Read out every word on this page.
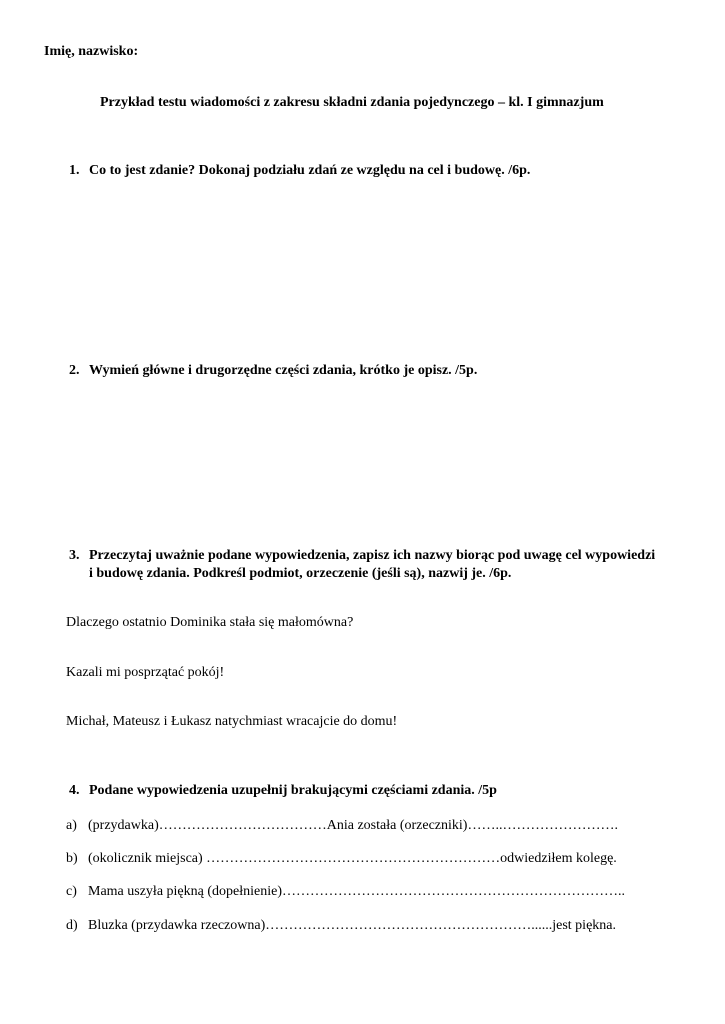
Imię, nazwisko:
Przykład testu wiadomości z zakresu składni zdania pojedynczego – kl. I gimnazjum
1. Co to jest zdanie? Dokonaj podziału zdań ze względu na cel i budowę. /6p.
2. Wymień główne i drugorzędne części zdania, krótko je opisz. /5p.
3. Przeczytaj uważnie podane wypowiedzenia, zapisz ich nazwy biorąc pod uwagę cel wypowiedzi
i budowę zdania. Podkreśl podmiot, orzeczenie (jeśli są), nazwij je. /6p.
Dlaczego ostatnio Dominika stała się małomówna?
Kazali mi posprzątać pokój!
Michał, Mateusz i Łukasz natychmiast wracajcie do domu!
4. Podane wypowiedzenia uzupełnij brakującymi częściami zdania. /5p
a) (przydawka)………………………………Ania została (orzeczniki)……..…………………….
b) (okolicznik miejsca) ………………………………………………………odwiedziłem kolegę.
c) Mama uszyła piękną (dopełnienie)………………………………………………………………..
d) Bluzka (przydawka rzeczowna)…………………………………………………......jest piękna.
